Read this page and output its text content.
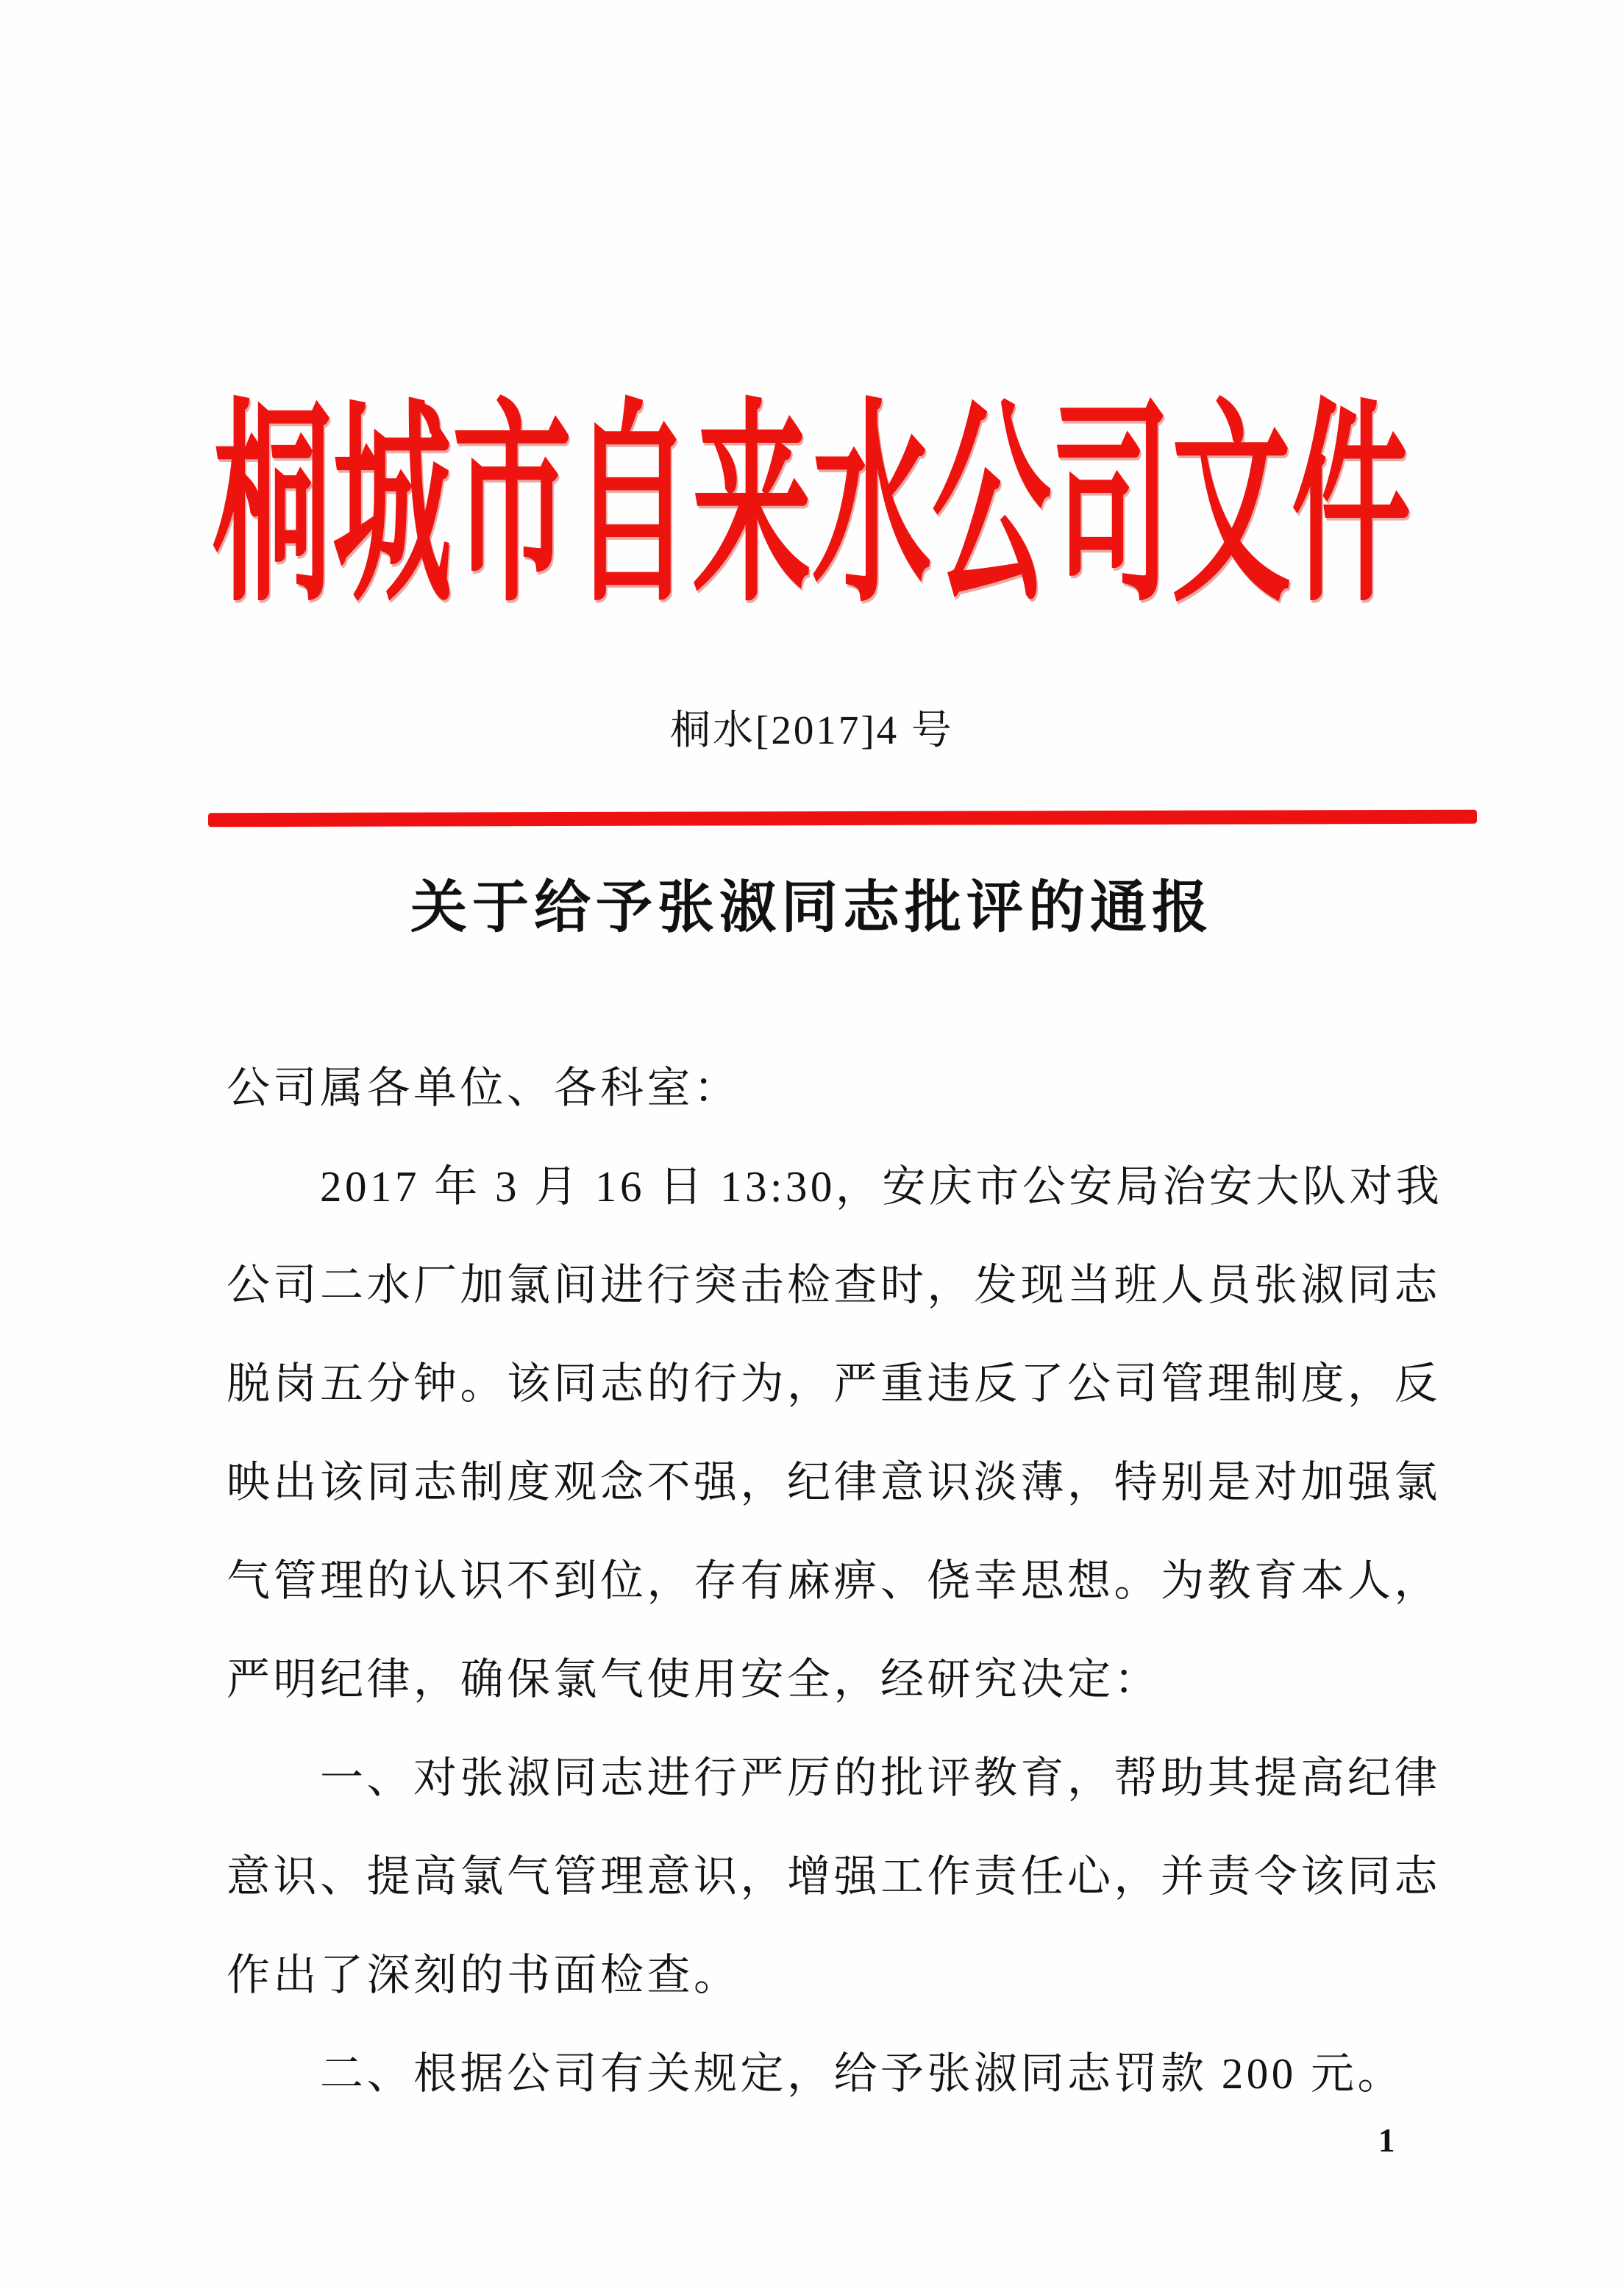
桐城市自来水公司文件
桐水[2017]4 号
关于给予张淑同志批评的通报
公司属各单位、各科室：
2017 年 3 月 16 日 13:30，安庆市公安局治安大队对我
公司二水厂加氯间进行突击检查时，发现当班人员张淑同志
脱岗五分钟。该同志的行为，严重违反了公司管理制度，反
映出该同志制度观念不强，纪律意识淡薄，特别是对加强氯
气管理的认识不到位，存有麻痹、侥幸思想。为教育本人，
严明纪律，确保氯气使用安全，经研究决定：
一、对张淑同志进行严厉的批评教育，帮助其提高纪律
意识、提高氯气管理意识，增强工作责任心，并责令该同志
作出了深刻的书面检查。
二、根据公司有关规定，给予张淑同志罚款 200 元。
1
